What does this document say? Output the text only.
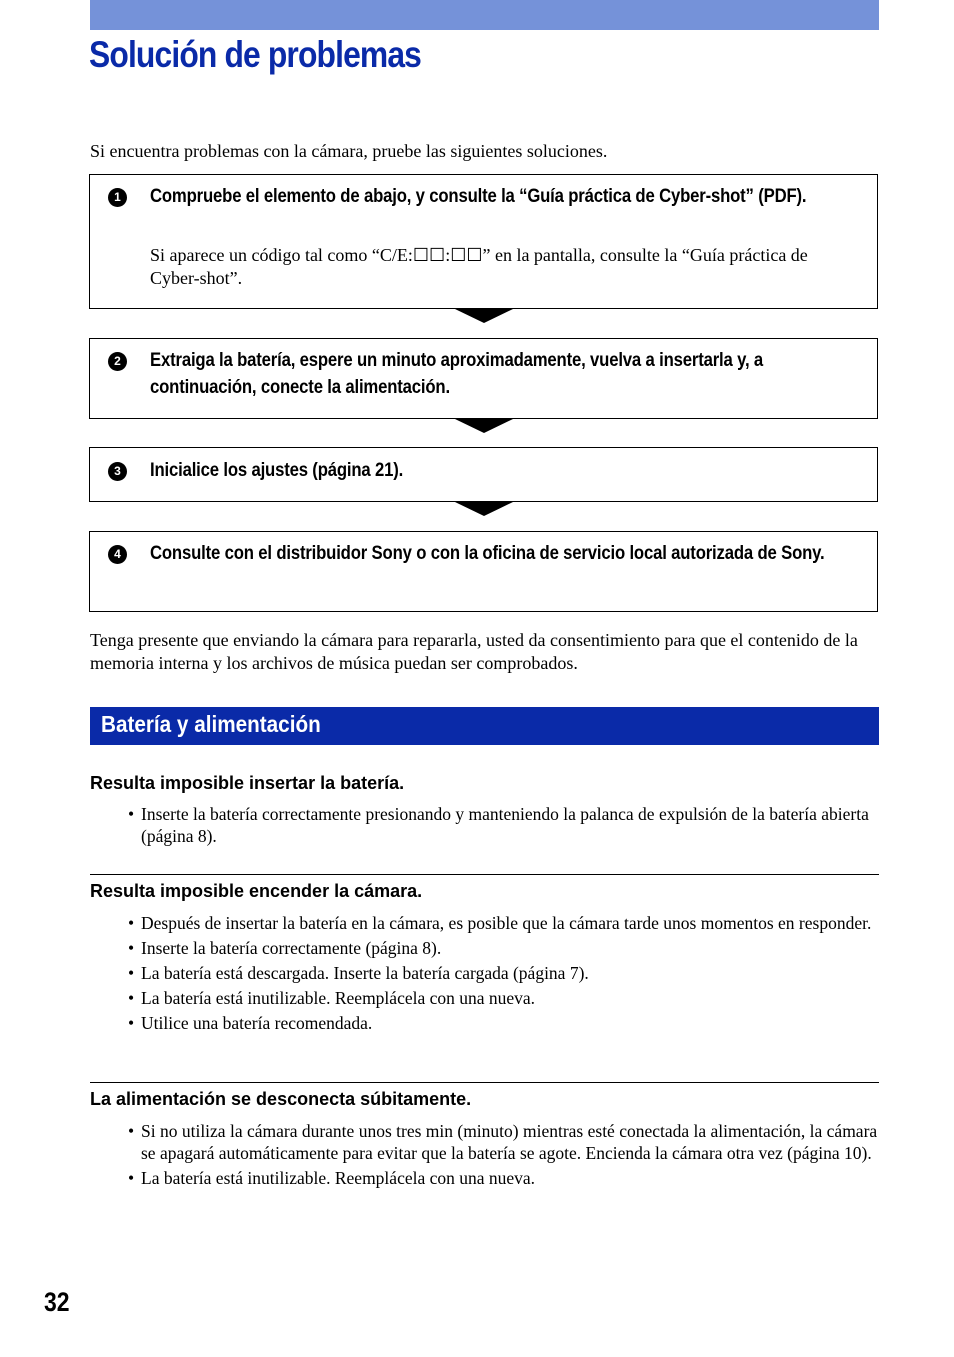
Solución de problemas
Si encuentra problemas con la cámara, pruebe las siguientes soluciones.
1	Compruebe el elemento de abajo, y consulte la “Guía práctica de Cyber-shot” (PDF).
Si aparece un código tal como “C/E:☐☐:☐☐” en la pantalla, consulte la “Guía práctica de Cyber-shot”.
2	Extraiga la batería, espere un minuto aproximadamente, vuelva a insertarla y, a continuación, conecte la alimentación.
3	Inicialice los ajustes (página 21).
4	Consulte con el distribuidor Sony o con la oficina de servicio local autorizada de Sony.
Tenga presente que enviando la cámara para repararla, usted da consentimiento para que el contenido de la memoria interna y los archivos de música puedan ser comprobados.
Batería y alimentación
Resulta imposible insertar la batería.
• Inserte la batería correctamente presionando y manteniendo la palanca de expulsión de la batería abierta (página 8).
Resulta imposible encender la cámara.
• Después de insertar la batería en la cámara, es posible que la cámara tarde unos momentos en responder.
• Inserte la batería correctamente (página 8).
• La batería está descargada. Inserte la batería cargada (página 7).
• La batería está inutilizable. Reemplácela con una nueva.
• Utilice una batería recomendada.
La alimentación se desconecta súbitamente.
• Si no utiliza la cámara durante unos tres min (minuto) mientras esté conectada la alimentación, la cámara se apagará automáticamente para evitar que la batería se agote. Encienda la cámara otra vez (página 10).
• La batería está inutilizable. Reemplácela con una nueva.
32
